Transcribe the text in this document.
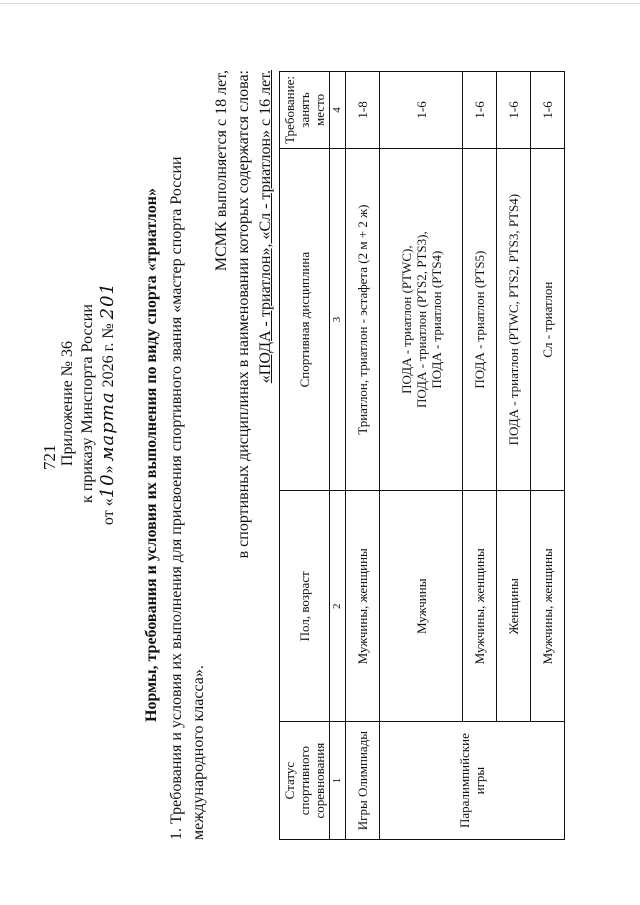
721 Приложение № 36 к приказу Минспорта России
от «10» марта 2026 г. № 201 Нормы, требования и условия их выполнения по виду спорта «триатлон» 1. Требования и условия их выполнения для присвоения спортивного звания «мастер спорта России международного класса».
МСМК выполняется с 18 лет, в спортивных дисциплинах в наименовании которых содержатся слова: «ПОДА - триатлон», «Сл - триатлон» с 16 лет.
Статус спортивного соревнования	Пол, возраст	Спортивная дисциплина	Требование: занять место
1	2	3	4
Игры Олимпиады	Мужчины, женщины	Триатлон, триатлон - эстафета (2 м + 2 ж)	1-8
Паралимпийские игры	Мужчины	ПОДА - триатлон (PTWC), ПОДА - триатлон (PTS2, PTS3), ПОДА - триатлон (PTS4)	1-6
	Мужчины, женщины	ПОДА - триатлон (PTS5)	1-6
	Женщины	ПОДА - триатлон (PTWC, PTS2, PTS3, PTS4)	1-6
	Мужчины, женщины	Сл - триатлон	1-6
